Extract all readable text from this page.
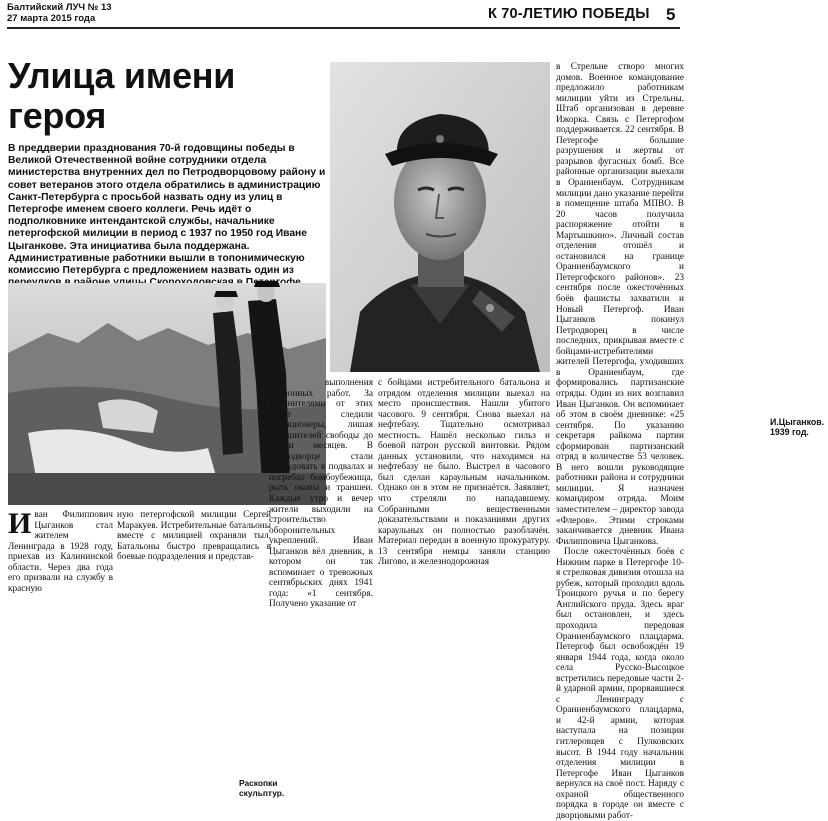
Балтийский ЛУЧ № 13
27 марта 2015 года	К 70-ЛЕТИЮ ПОБЕДЫ 5
Улица имени
героя
В преддверии празднования 70-й годовщины победы в Великой Отечественной войне сотрудники отдела министерства внутренних дел по Петродворцовому району и совет ветеранов этого отдела обратились в администрацию Санкт-Петербурга с просьбой назвать одну из улиц в Петергофе именем своего коллеги. Речь идёт о подполковнике интендантской службы, начальнике петергофской милиции в период с 1937 по 1950 год Иване Цыганкове. Эта инициатива была поддержана. Административные работники вышли в топонимическую комиссию Петербурга с предложением назвать один из
И.Цыганков. 1939 год.
Раскопки скульптур.

Иван Филиппович Цыганков стал жителем Ленинграда в 1928 году, приехав из Калининской области. Через два года его призвали на службу в красную

ную петергофской милиции Сергей Маракуев. Истребительные батальоны вместе с милицией охраняли тыл. Батальоны быстро превращались в боевые подразделения и представ-

для выполнения оборонных работ. За уклонителями от этих работ следили милиционеры, лишая нарушителей свободы до шести месяцев. В Петродворце стали оборудовать в подвалах и погребах бомбоубежища, рыть окопы и траншеи. Каждые утро и вечер жители выходили на строительство оборонительных укреплений. Иван Цыганков вёл дневник, в котором он так вспоминает о тревожных сентябрьских днях 1941 года: «1 сентября. Получено указание от

с бойцами истребительного батальона и отрядом отделения милиции выехал на место происшествия. Нашли убитого часового. 9 сентября. Снова выехал на нефтебазу. Тщательно осмотривал местность. Нашёл несколько гильз и боевой патрон русской винтовки. Рядом данных установили, что находимся на нефтебазу не было. Выстрел в часового был сделан караульным начальником. Однако он в этом не признаётся. Заявляет, что стреляли по нападавшему. Собранными вещественными доказательствами и показаниями других караульных он полностью разоблачён. Материал передан в военную прокуратуру. 13 сентября немцы заняли станцию Лигово, и железнодорожная

в Стрельне створо многих домов. Военное командование предложило работникам милиции уйти из Стрельны. Штаб организован в деревне Ижорка. Связь с Петергофом поддерживается. 22 сентября. В Петергофе большие разрушения и жертвы от разрывов фугасных бомб. Все районные организации выехали в Ораниенбаум. Сотрудникам милиции дано указание перейти в помещение штаба МПВО. В 20 часов получила распоряжение отойти в Мартышкино». Личный состав отделения отошёл и остановился на границе Ораниенбаумского и Петергофского районов». 23 сентября после ожесточённых боёв фашисты захватили и Новый Петергоф. Иван Цыганков покинул Петродворец в числе последних, прикрывая вместе с бойцами-истребителями жителей Петергофа, уходивших в Ораниенбаум, где формировались партизанские отряды. Один из них возглавил Иван Цыганков. Он вспоминает об этом в своём дневнике: «25 сентября. По указанию секретаря райкома партии сформирован партизанский отряд в количестве 53 человек. В него вошли руководящие работники района и сотрудники милиции. Я назначен командиром отряда. Моим заместителем – директор завода «Флеров». Этими строками заканчивается дневник Ивана Филипповича Цыганкова.

После ожесточённых боёв с Нижним парке в Петергофе 10-я стрелковая дивизия отошла на рубеж, который проходил вдоль Троицкого ручья и по берегу Английского пруда. Здесь враг был остановлен, и здесь проходила передовая Ораниенбаумского плацдарма. Петергоф был освобождён 19 января 1944 года, когда около села Русско-Высоцкое встретились передовые части 2-й ударной армии, прорвавшиеся с Ленинграду с Ораниенбаумского плацдарма, и 42-й армии, которая наступала на позиции гитлеровцев с Пулковских высот. В 1944 году начальник отделения милиции в Петергофе Иван Цыганков вернулся на своё пост. Наряду с охраной общественного порядка в городе он вместе с дворцовыми работ-
